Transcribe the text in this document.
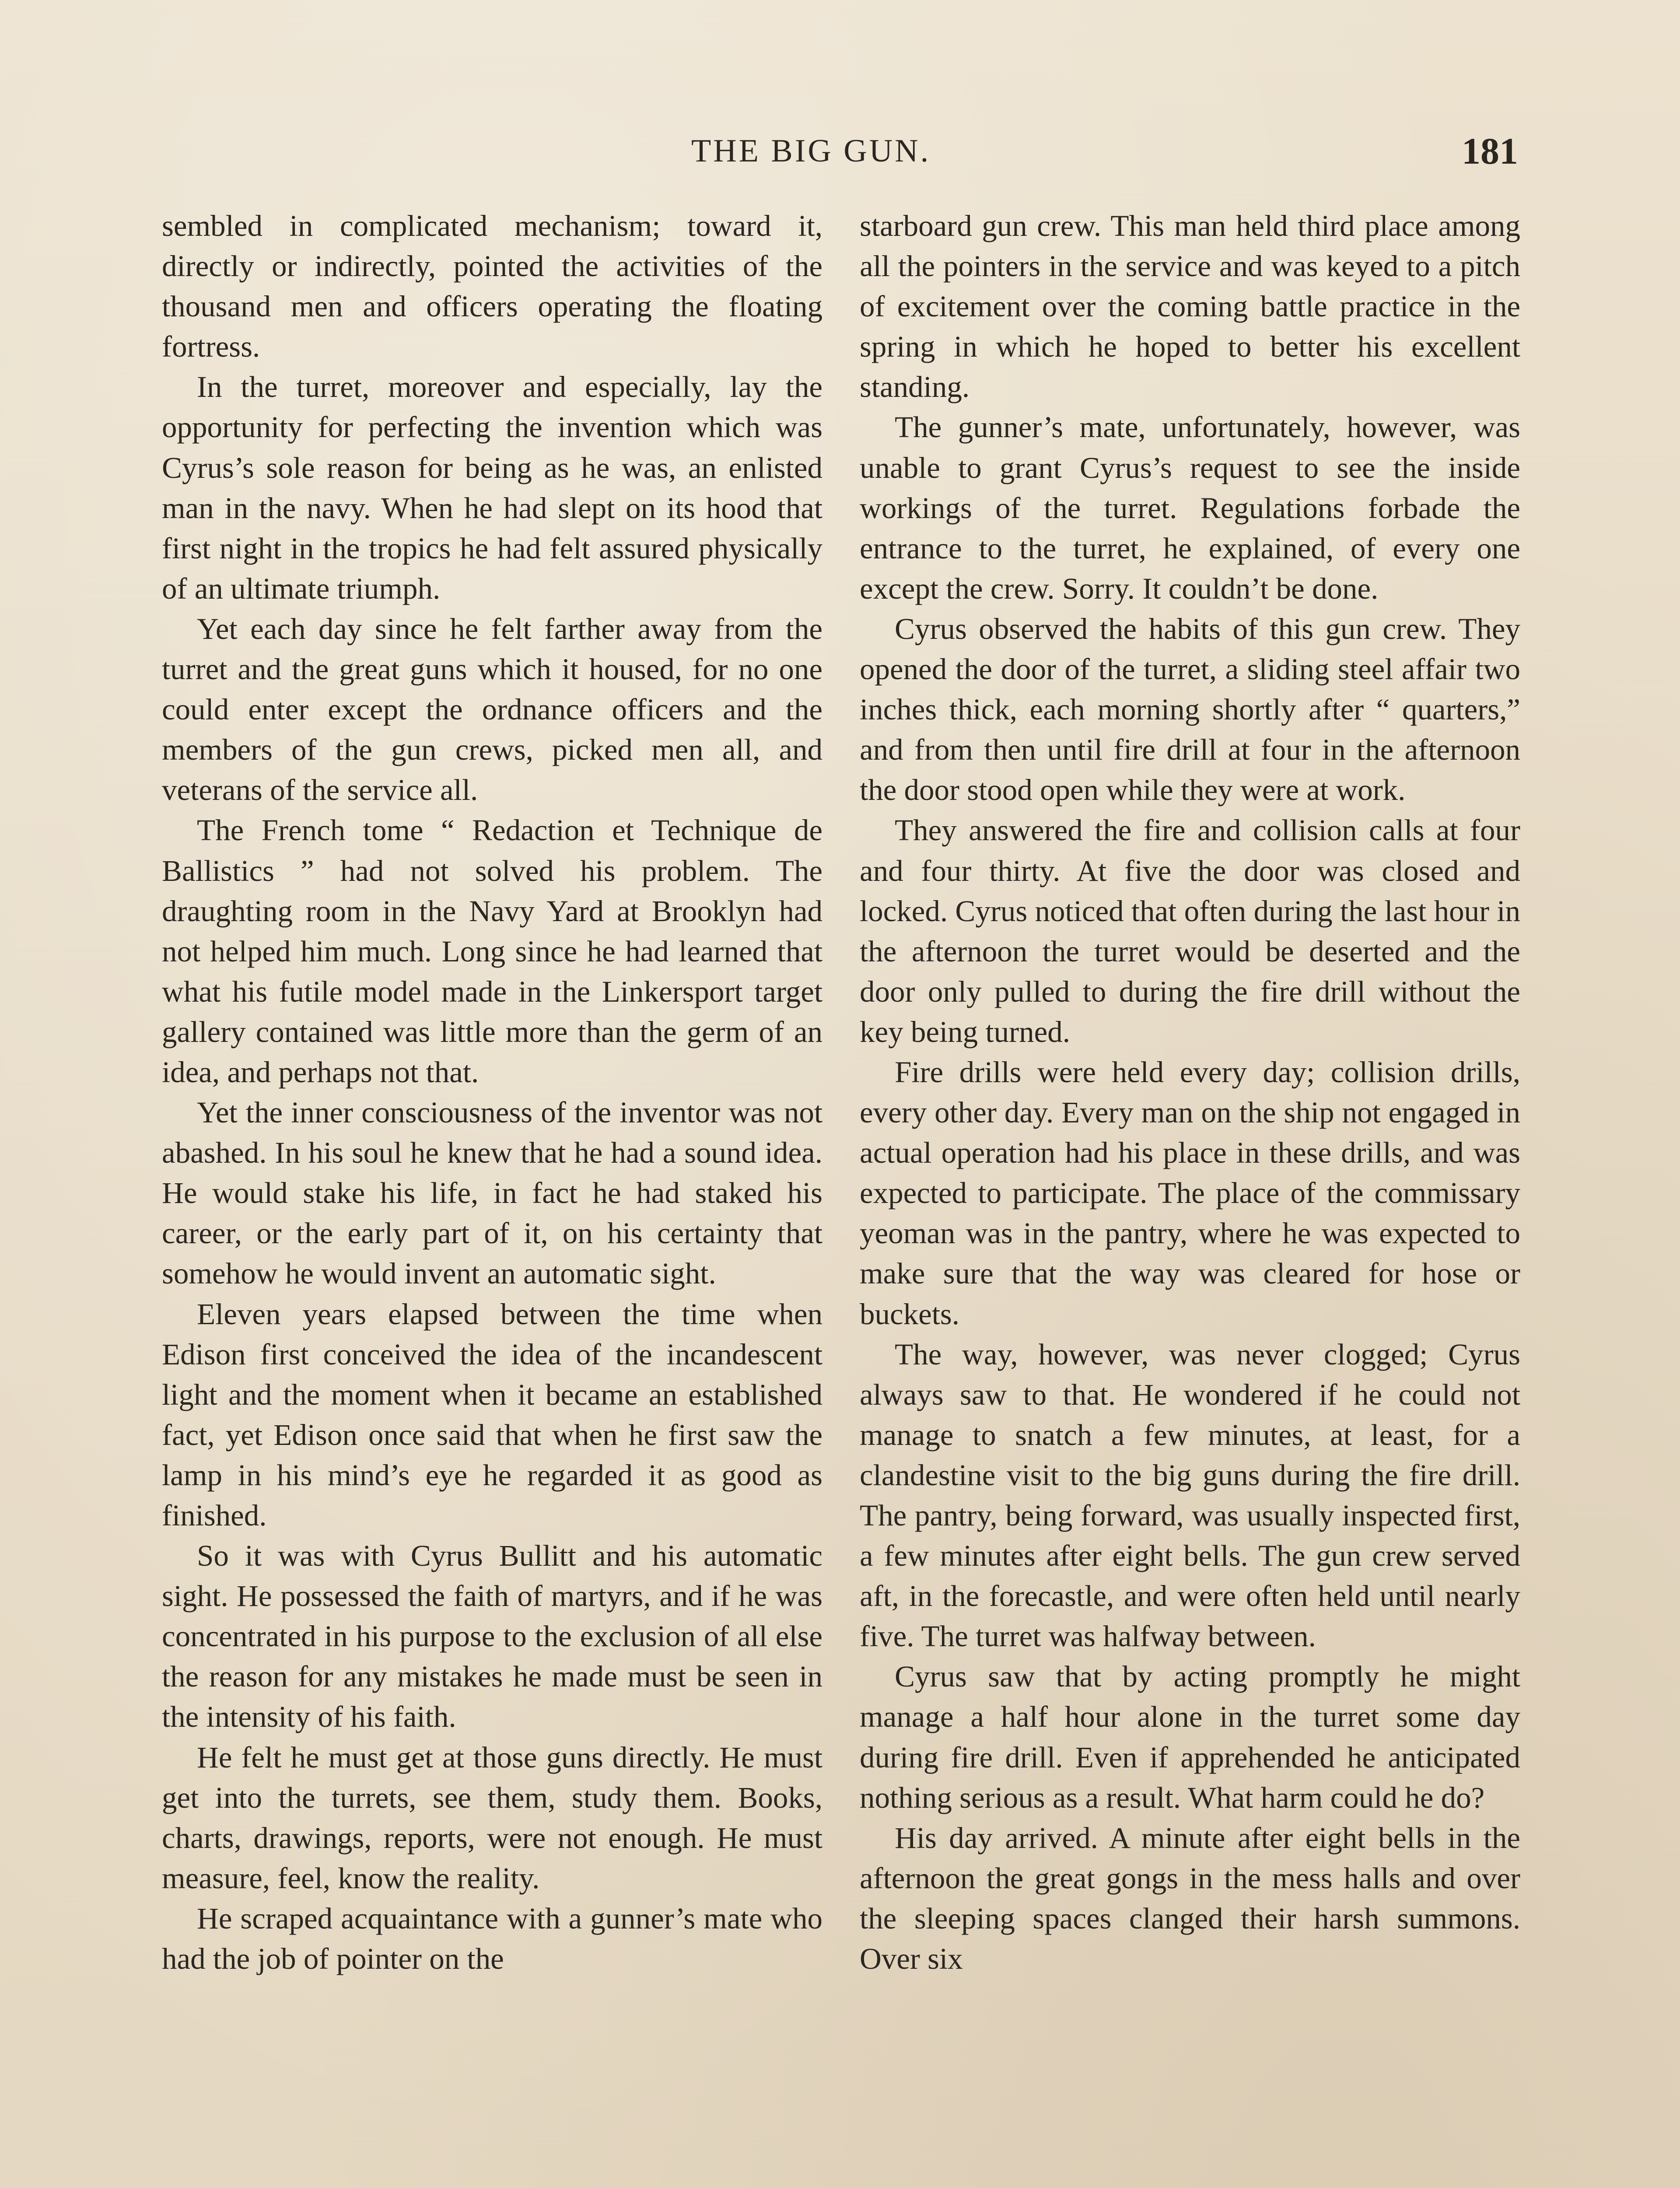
THE BIG GUN.	181

sembled in complicated mechanism; toward it, directly or indirectly, pointed the activities of the thousand men and officers operating the floating fortress.

In the turret, moreover and especially, lay the opportunity for perfecting the invention which was Cyrus’s sole reason for being as he was, an enlisted man in the navy. When he had slept on its hood that first night in the tropics he had felt assured physically of an ultimate triumph.

Yet each day since he felt farther away from the turret and the great guns which it housed, for no one could enter except the ordnance officers and the members of the gun crews, picked men all, and veterans of the service all.

The French tome “ Redaction et Technique de Ballistics ” had not solved his problem. The draughting room in the Navy Yard at Brooklyn had not helped him much. Long since he had learned that what his futile model made in the Linkersport target gallery contained was little more than the germ of an idea, and perhaps not that.

Yet the inner consciousness of the inventor was not abashed. In his soul he knew that he had a sound idea. He would stake his life, in fact he had staked his career, or the early part of it, on his certainty that somehow he would invent an automatic sight.

Eleven years elapsed between the time when Edison first conceived the idea of the incandescent light and the moment when it became an established fact, yet Edison once said that when he first saw the lamp in his mind’s eye he regarded it as good as finished.

So it was with Cyrus Bullitt and his automatic sight. He possessed the faith of martyrs, and if he was concentrated in his purpose to the exclusion of all else the reason for any mistakes he made must be seen in the intensity of his faith.

He felt he must get at those guns directly. He must get into the turrets, see them, study them. Books, charts, drawings, reports, were not enough. He must measure, feel, know the reality.

He scraped acquaintance with a gunner’s mate who had the job of pointer on the

starboard gun crew. This man held third place among all the pointers in the service and was keyed to a pitch of excitement over the coming battle practice in the spring in which he hoped to better his excellent standing.

The gunner’s mate, unfortunately, however, was unable to grant Cyrus’s request to see the inside workings of the turret. Regulations forbade the entrance to the turret, he explained, of every one except the crew. Sorry. It couldn’t be done.

Cyrus observed the habits of this gun crew. They opened the door of the turret, a sliding steel affair two inches thick, each morning shortly after “ quarters,” and from then until fire drill at four in the afternoon the door stood open while they were at work.

They answered the fire and collision calls at four and four thirty. At five the door was closed and locked. Cyrus noticed that often during the last hour in the afternoon the turret would be deserted and the door only pulled to during the fire drill without the key being turned.

Fire drills were held every day; collision drills, every other day. Every man on the ship not engaged in actual operation had his place in these drills, and was expected to participate. The place of the commissary yeoman was in the pantry, where he was expected to make sure that the way was cleared for hose or buckets.

The way, however, was never clogged; Cyrus always saw to that. He wondered if he could not manage to snatch a few minutes, at least, for a clandestine visit to the big guns during the fire drill. The pantry, being forward, was usually inspected first, a few minutes after eight bells. The gun crew served aft, in the forecastle, and were often held until nearly five. The turret was halfway between.

Cyrus saw that by acting promptly he might manage a half hour alone in the turret some day during fire drill. Even if apprehended he anticipated nothing serious as a result. What harm could he do?

His day arrived. A minute after eight bells in the afternoon the great gongs in the mess halls and over the sleeping spaces clanged their harsh summons. Over six
